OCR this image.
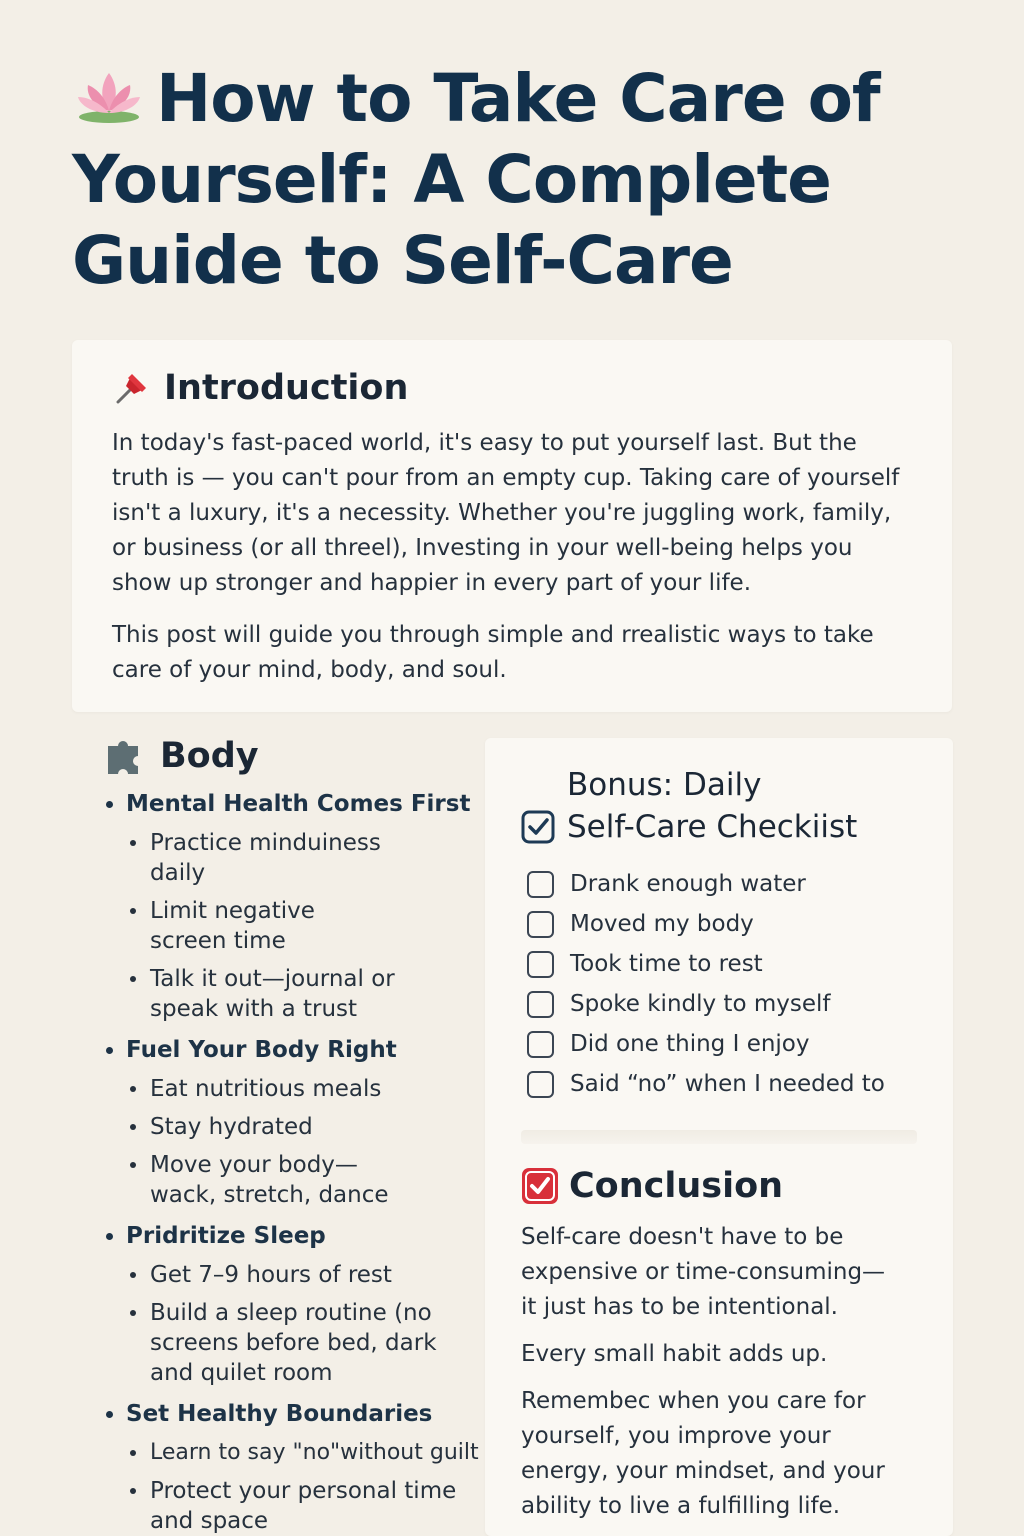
How to Take Care of Yourself: A Complete Guide to Self-Care
Introduction

In today's fast-paced world, it's easy to put yourself last. But the truth is — you can't pour from an empty cup. Taking care of yourself isn't a luxury, it's a necessity. Whether you're juggling work, family, or business (or all threel), Investing in your well-being helps you show up stronger and happier in every part of your life.

This post will guide you through simple and rrealistic ways to take care of your mind, body, and soul.

Body
Mental Health Comes First
Practice minduiness daily
Limit negative screen time
Talk it out—journal or speak with a trust
Fuel Your Body Right
Eat nutritious meals
Stay hydrated
Move your body—wack, stretch, dance
Pridritize Sleep
Get 7–9 hours of rest
Build a sleep routine (no screens before bed, dark and quilet room
Set Healthy Boundaries
Learn to say "no"without guilt
Protect your personal time and space
Bonus: Daily
Self-Care Checkiist
Drank enough water
Moved my body
Took time to rest
Spoke kindly to myself
Did one thing I enjoy
Said “no” when I needed to
Conclusion

Self-care doesn't have to be expensive or time-consuming—it just has to be intentional.

Every small habit adds up.

Remembec when you care for yourself, you improve your energy, your mindset, and your ability to live a fulfilling life.
